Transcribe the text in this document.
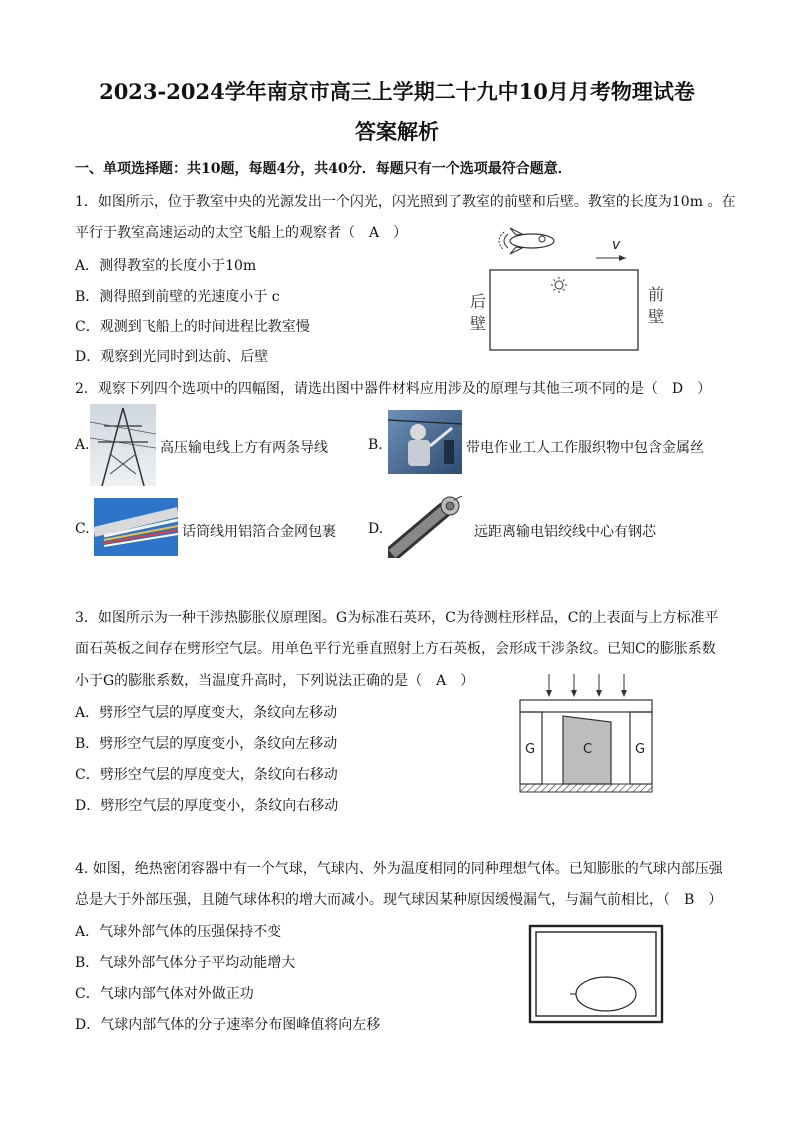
2023-2024学年南京市高三上学期二十九中10月月考物理试卷
答案解析
一、单项选择题：共10题，每题4分，共40分．每题只有一个选项最符合题意．
1．如图所示，位于教室中央的光源发出一个闪光，闪光照到了教室的前壁和后壁。教室的长度为10m 。在
平行于教室高速运动的太空飞船上的观察者（　A　）
A．测得教室的长度小于10m
B．测得照到前壁的光速度小于 c
C．观测到飞船上的时间进程比教室慢
D．观察到光同时到达前、后壁
v
后
壁
前
壁
2．观察下列四个选项中的四幅图，请选出图中器件材料应用涉及的原理与其他三项不同的是（　D　）
A.	高压输电线上方有两条导线	B.	带电作业工人工作服织物中包含金属丝
C.	话筒线用铝箔合金网包裹 D.	远距离输电铝绞线中心有钢芯
3．如图所示为一种干涉热膨胀仪原理图。G为标准石英环，C为待测柱形样品，C的上表面与上方标准平
面石英板之间存在劈形空气层。用单色平行光垂直照射上方石英板，会形成干涉条纹。已知C的膨胀系数
小于G的膨胀系数，当温度升高时，下列说法正确的是（　A　）
A．劈形空气层的厚度变大，条纹向左移动
B．劈形空气层的厚度变小，条纹向左移动
C．劈形空气层的厚度变大，条纹向右移动
D．劈形空气层的厚度变小，条纹向右移动
G	C	G
4. 如图，绝热密闭容器中有一个气球，气球内、外为温度相同的同种理想气体。已知膨胀的气球内部压强
总是大于外部压强，且随气球体积的增大而减小。现气球因某种原因缓慢漏气，与漏气前相比，（　B　）
A．气球外部气体的压强保持不变
B．气球外部气体分子平均动能增大
C．气球内部气体对外做正功
D．气球内部气体的分子速率分布图峰值将向左移
